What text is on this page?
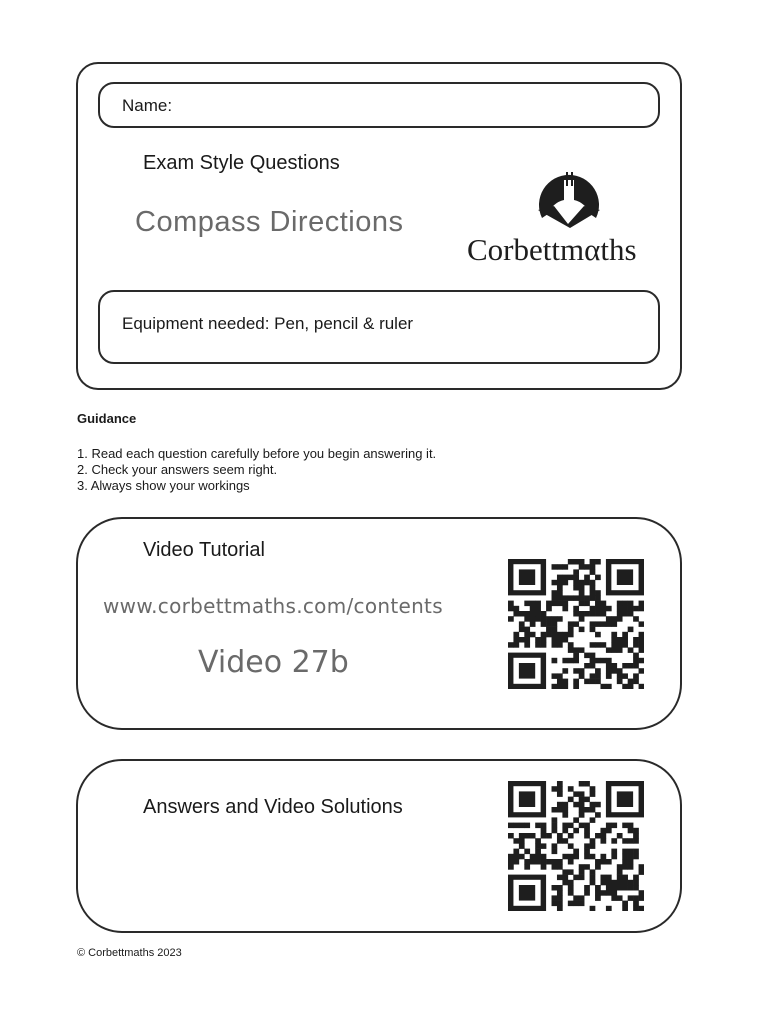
Name:
Exam Style Questions
Compass Directions
Corbettmαths
Equipment needed: Pen, pencil & ruler
Guidance
1. Read each question carefully before you begin answering it.
2. Check your answers seem right.
3. Always show your workings
Video Tutorial
www.corbettmaths.com/contents
Video 27b
Answers and Video Solutions
© Corbettmaths 2023
